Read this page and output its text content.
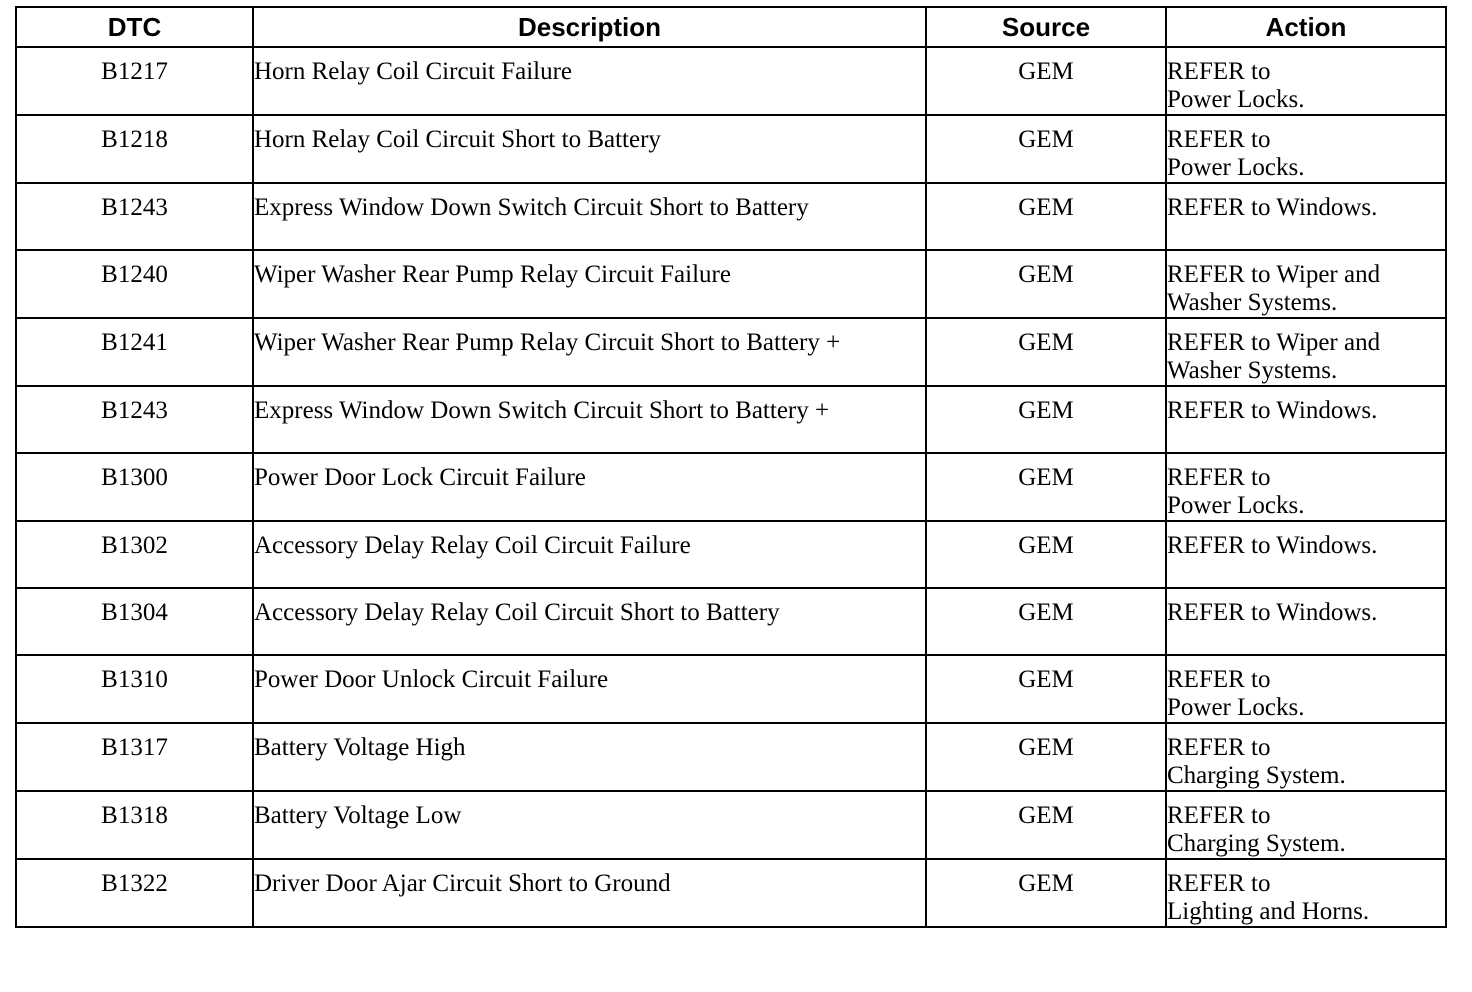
DTC	Description	Source	Action
B1217	Horn Relay Coil Circuit Failure	GEM	REFER to
Power Locks.

B1218	Horn Relay Coil Circuit Short to Battery	GEM	REFER to
Power Locks.

B1243	Express Window Down Switch Circuit Short to Battery	GEM	REFER to Windows.

B1240	Wiper Washer Rear Pump Relay Circuit Failure	GEM	REFER to Wiper and
Washer Systems.

B1241	Wiper Washer Rear Pump Relay Circuit Short to Battery +	GEM	REFER to Wiper and
Washer Systems.

B1243	Express Window Down Switch Circuit Short to Battery +	GEM	REFER to Windows.

B1300	Power Door Lock Circuit Failure	GEM	REFER to
Power Locks.

B1302	Accessory Delay Relay Coil Circuit Failure	GEM	REFER to Windows.

B1304	Accessory Delay Relay Coil Circuit Short to Battery	GEM	REFER to Windows.

B1310	Power Door Unlock Circuit Failure	GEM	REFER to
Power Locks.

B1317	Battery Voltage High	GEM	REFER to
Charging System.

B1318	Battery Voltage Low	GEM	REFER to
Charging System.

B1322	Driver Door Ajar Circuit Short to Ground	GEM	REFER to
Lighting and Horns.
